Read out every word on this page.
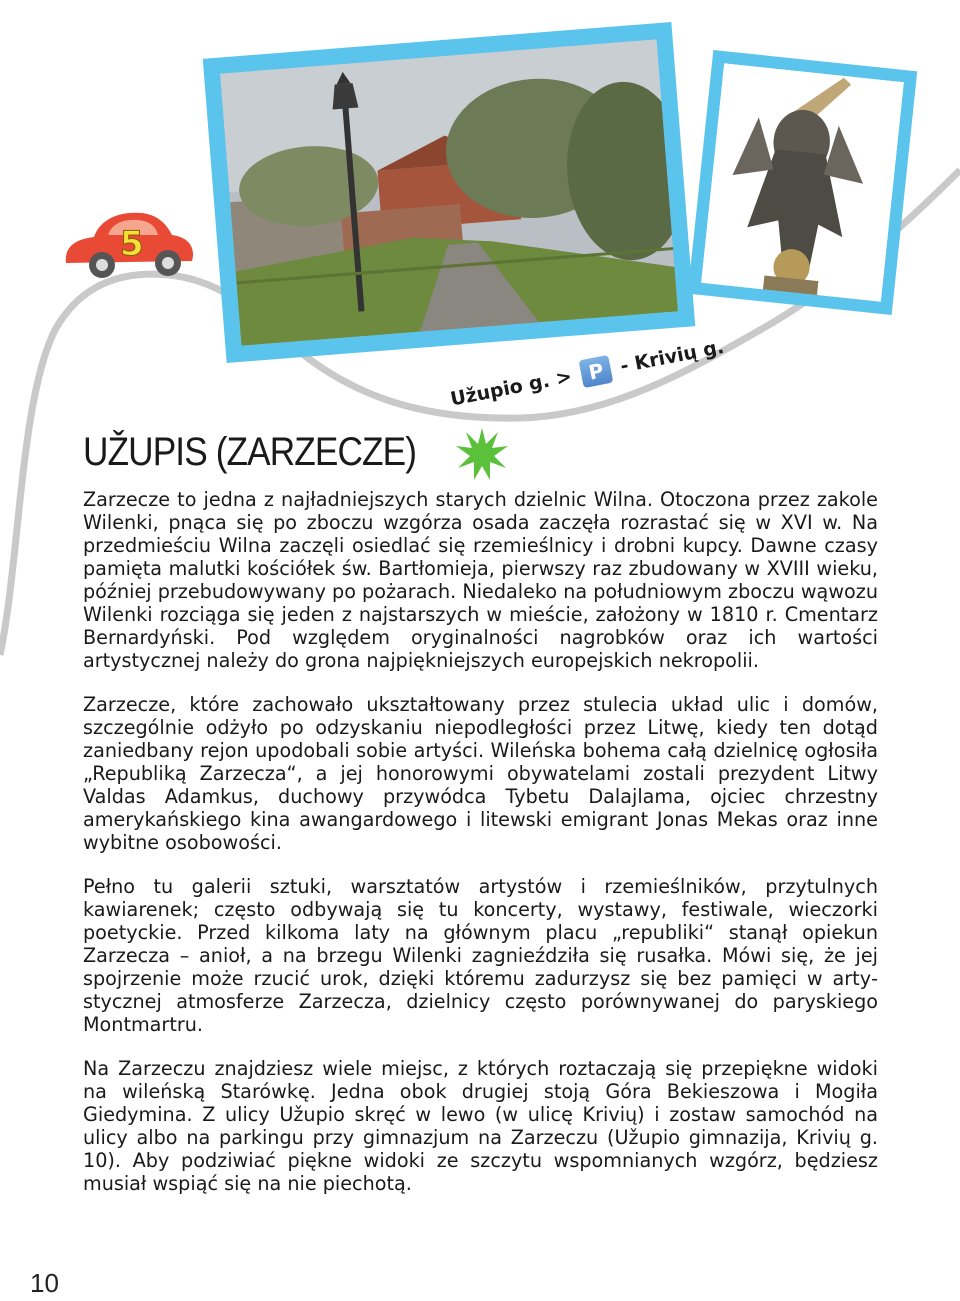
5
Užupio g. > P - Krivių g.
UŽUPIS (ZARZECZE)

Zarzecze to jedna z najładniejszych starych dzielnic Wilna. Otoczona przez zakole Wilenki, pnąca się po zboczu wzgórza osada zaczęła rozrastać się w XVI w. Na przedmieściu Wilna zaczęli osiedlać się rzemieślnicy i drobni kupcy. Dawne czasy pamięta malutki kościółek św. Bartłomieja, pierwszy raz zbudowany w XVIII wieku, później przebudowywany po pożarach. Niedaleko na południowym zboczu wąwozu Wilenki rozciąga się jeden z najstarszych w mieście, założony w 1810 r. Cmentarz Bernardyński. Pod względem oryginalności nagrobków oraz ich wartości artystycznej należy do grona najpiękniejszych europejskich nekropolii.

Zarzecze, które zachowało ukształtowany przez stulecia układ ulic i domów, szczególnie odżyło po odzyskaniu niepodległości przez Litwę, kiedy ten dotąd zaniedbany rejon upodobali sobie artyści. Wileńska bohema całą dzielnicę ogłosiła „Republiką Zarzecza“, a jej honorowymi obywatelami zostali prezydent Litwy Valdas Adamkus, duchowy przywódca Tybetu Dalajlama, ojciec chrzestny amerykańskiego kina awangardowego i litewski emigrant Jonas Mekas oraz inne wybitne osobowości.

Pełno tu galerii sztuki, warsztatów artystów i rzemieślników, przytulnych kawiarenek; często odbywają się tu koncerty, wystawy, festiwale, wieczorki poetyckie. Przed kilkoma laty na głównym placu „republiki“ stanął opiekun Zarzecza – anioł, a na brzegu Wilenki zagnieździła się rusałka. Mówi się, że jej spojrzenie może rzucić urok, dzięki któremu zadurzysz się bez pamięci w artystycznej atmosferze Zarzecza, dzielnicy często porównywanej do paryskiego Montmartru.

Na Zarzeczu znajdziesz wiele miejsc, z których roztaczają się przepiękne widoki na wileńską Starówkę. Jedna obok drugiej stoją Góra Bekieszowa i Mogiła Giedymina. Z ulicy Užupio skręć w lewo (w ulicę Krivių) i zostaw samochód na ulicy albo na parkingu przy gimnazjum na Zarzeczu (Užupio gimnazija, Krivių g. 10). Aby podziwiać piękne widoki ze szczytu wspomnianych wzgórz, będziesz musiał wspiąć się na nie piechotą.

10
